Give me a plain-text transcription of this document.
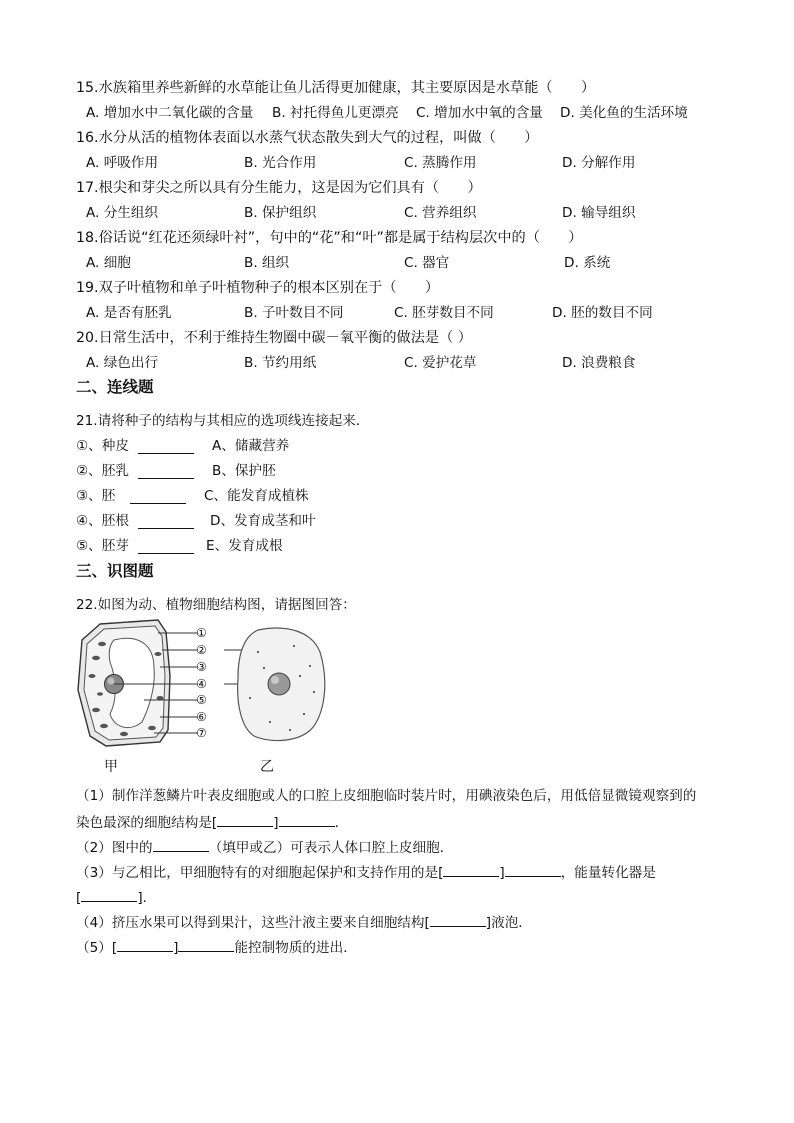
15.水族箱里养些新鲜的水草能让鱼儿活得更加健康，其主要原因是水草能（　　）
A. 增加水中二氧化碳的含量 B. 衬托得鱼儿更漂亮 C. 增加水中氧的含量 D. 美化鱼的生活环境
16.水分从活的植物体表面以水蒸气状态散失到大气的过程，叫做（　　）
A. 呼吸作用	B. 光合作用	C. 蒸腾作用	D. 分解作用
17.根尖和芽尖之所以具有分生能力，这是因为它们具有（　　）
A. 分生组织	B. 保护组织	C. 营养组织	D. 输导组织
18.俗话说“红花还须绿叶衬”，句中的“花”和“叶”都是属于结构层次中的（　　）
A. 细胞	B. 组织	C. 器官	D. 系统
19.双子叶植物和单子叶植物种子的根本区别在于（　　）
A. 是否有胚乳	B. 子叶数目不同	C. 胚芽数目不同	D. 胚的数目不同
20.日常生活中，不利于维持生物圈中碳－氧平衡的做法是（ ）
A. 绿色出行	B. 节约用纸	C. 爱护花草	D. 浪费粮食
二、连线题
21.请将种子的结构与其相应的选项线连接起来．
①、种皮	A、储藏营养
②、胚乳	B、保护胚
③、胚	C、能发育成植株
④、胚根	D、发育成茎和叶
⑤、胚芽	E、发育成根
三、识图题
22.如图为动、植物细胞结构图，请据图回答：
①
②
③
④
⑤
⑥
⑦
甲	乙
（1）制作洋葱鳞片叶表皮细胞或人的口腔上皮细胞临时装片时，用碘液染色后，用低倍显微镜观察到的
染色最深的细胞结构是[	]	．
（2）图中的	（填甲或乙）可表示人体口腔上皮细胞．
（3）与乙相比，甲细胞特有的对细胞起保护和支持作用的是[	]	，能量转化器是
[	]．
（4）挤压水果可以得到果汁，这些汁液主要来自细胞结构[	]液泡．
（5）[	]	能控制物质的进出．
